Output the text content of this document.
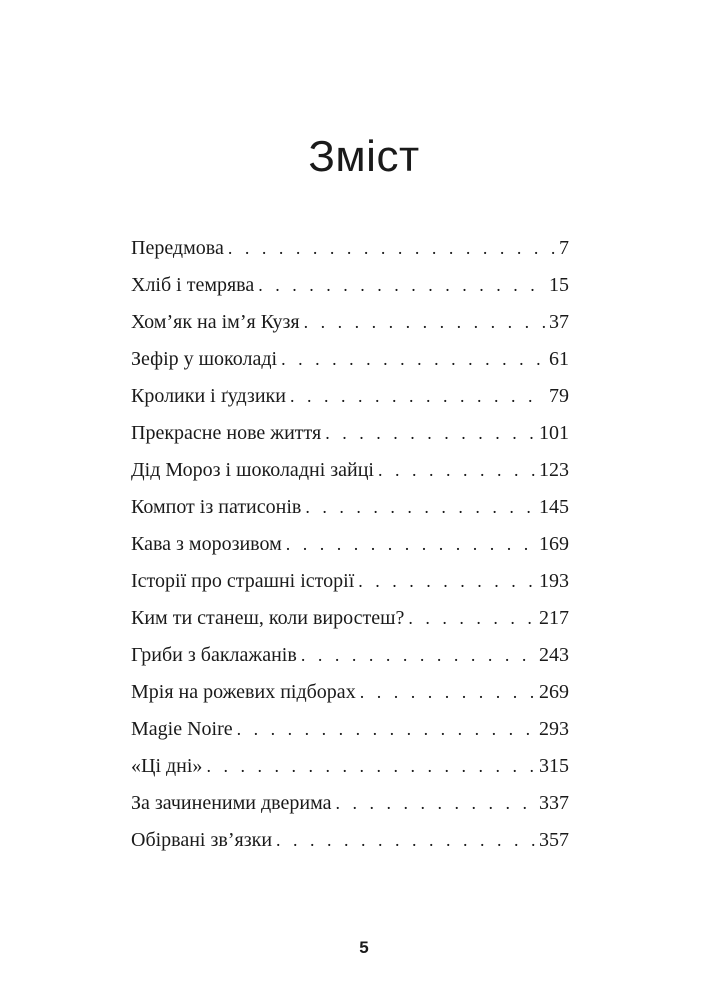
Зміст
Передмова . . .	7
Хліб і темрява . . .	15
Хом’як на ім’я Кузя . . .	37
Зефір у шоколаді . . .	61
Кролики і ґудзики . . .	79
Прекрасне нове життя . . .	101
Дід Мороз і шоколадні зайці . . .	123
Компот із патисонів . . .	145
Кава з морозивом . . .	169
Історії про страшні історії . . .	193
Ким ти станеш, коли виростеш? . . .	217
Гриби з баклажанів . . .	243
Мрія на рожевих підборах . . .	269
Magie Noire . . .	293
«Ці дні» . . .	315
За зачиненими дверима . . .	337
Обірвані зв’язки . . .	357
5
